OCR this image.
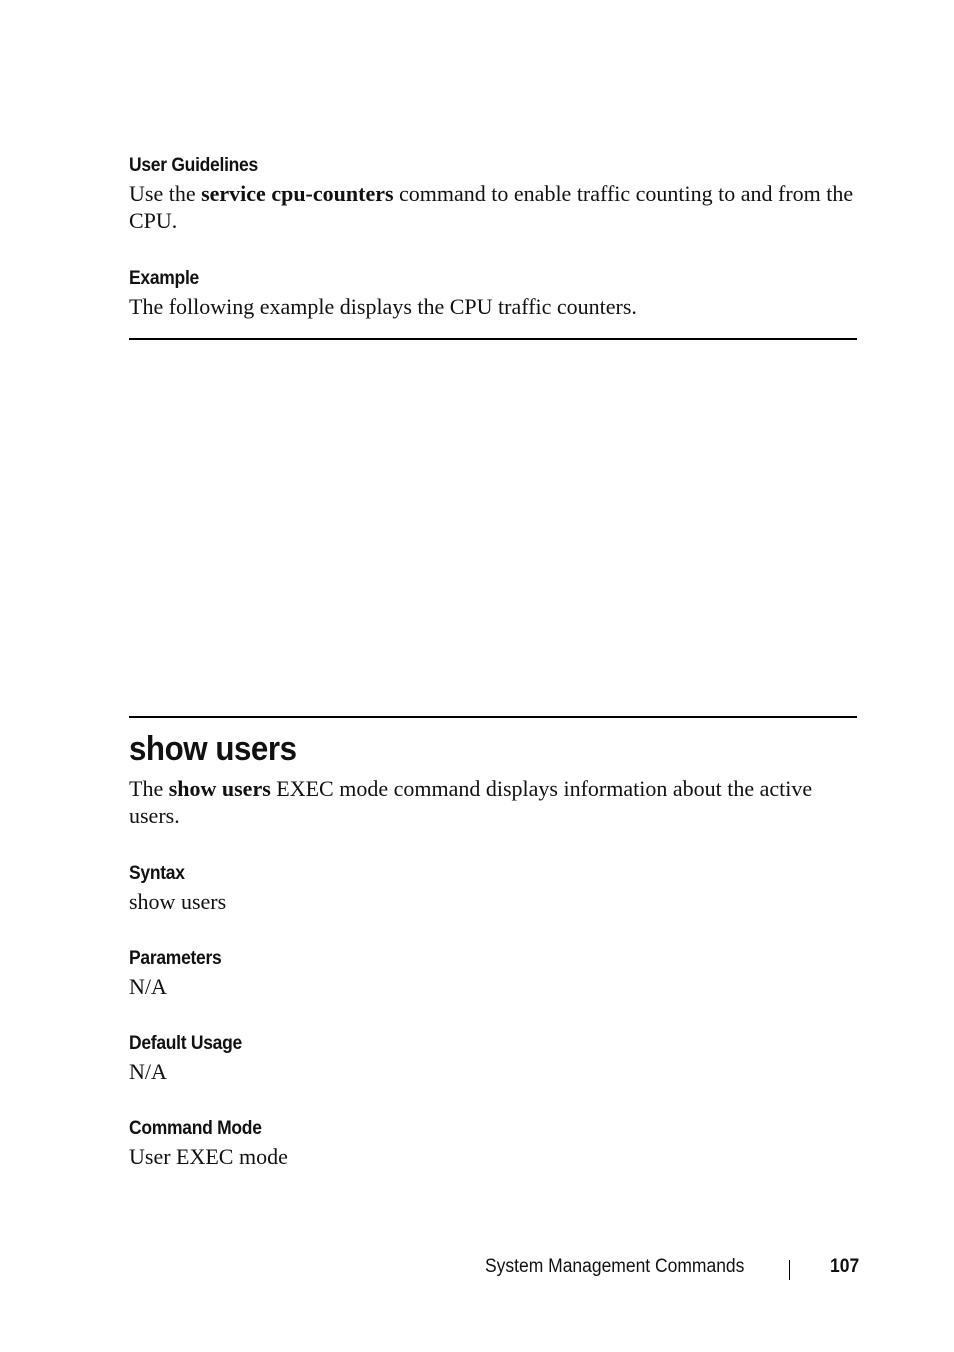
User Guidelines
Use the service cpu-counters command to enable traffic counting to and from the CPU.
Example
The following example displays the CPU traffic counters.
show users
The show users EXEC mode command displays information about the active users.
Syntax
show users
Parameters
N/A
Default Usage
N/A
Command Mode
User EXEC mode
System Management Commands	107
